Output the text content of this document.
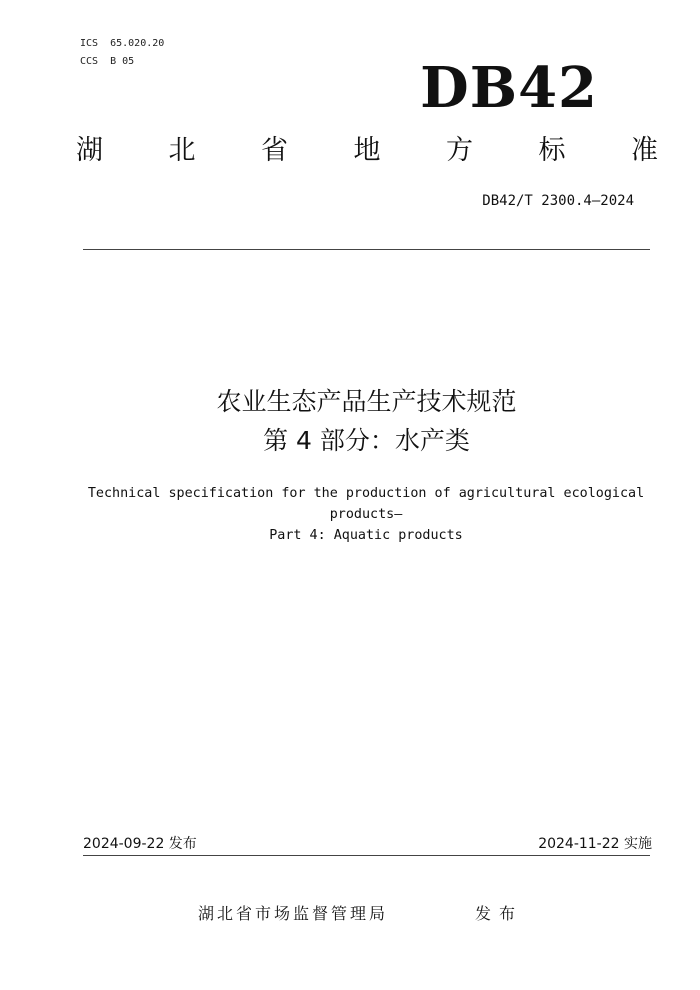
ICS  65.020.20
CCS  B 05	DB42
湖 北 省 地 方 标 准
DB42/T 2300.4—2024
农业生态产品生产技术规范
第 4 部分：水产类
Technical specification for the production of agricultural ecological
products—
Part 4: Aquatic products
2024-09-22 发布	2024-11-22 实施
湖北省市场监督管理局	发布
